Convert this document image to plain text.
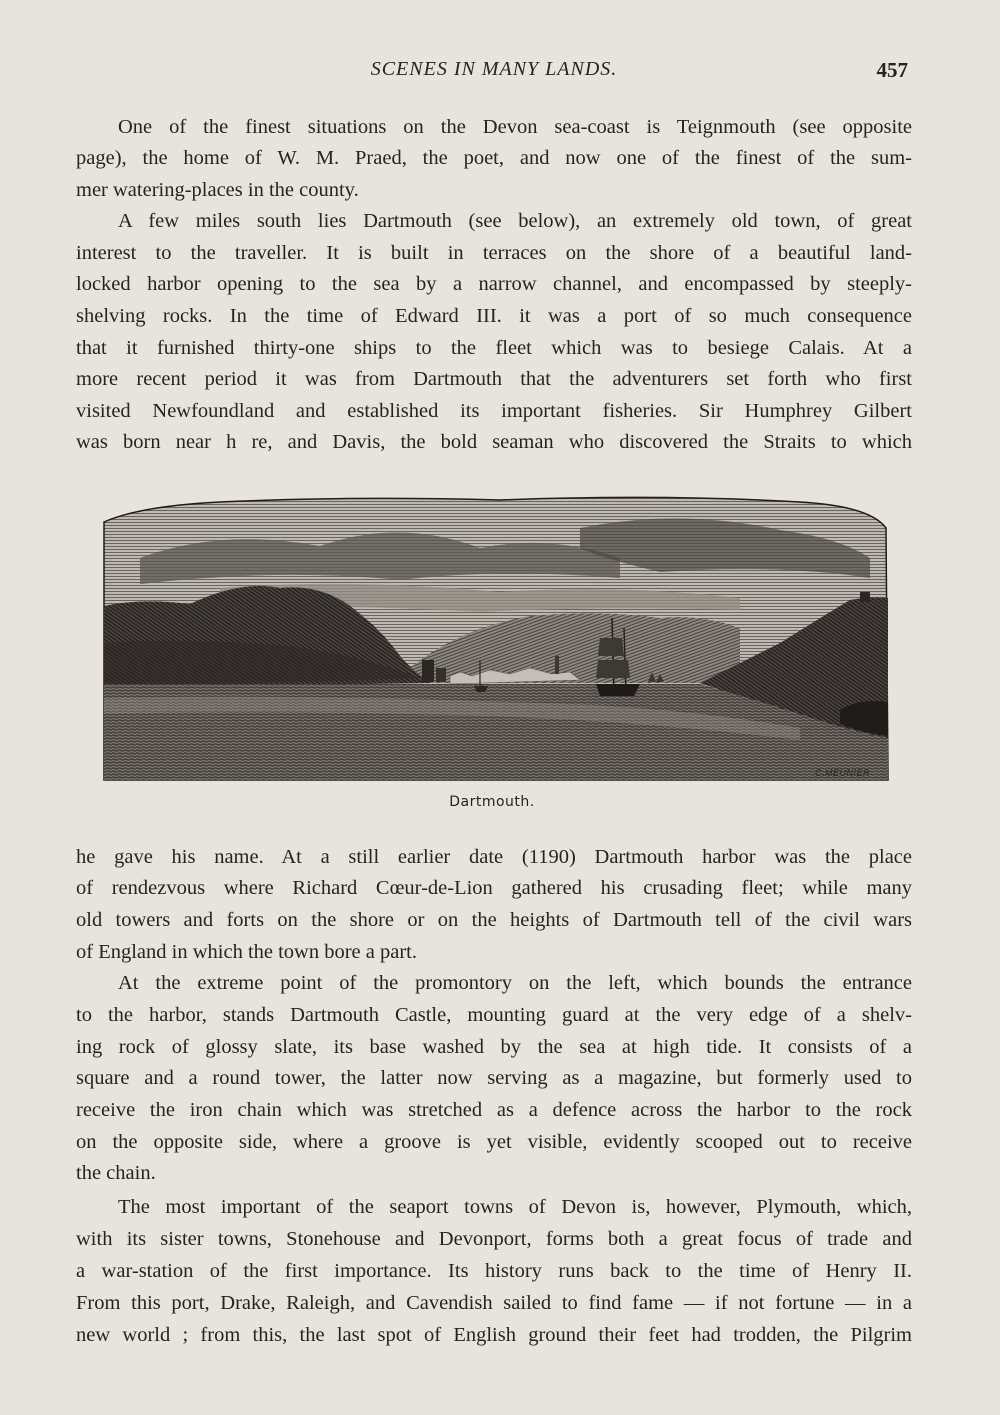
SCENES IN MANY LANDS.	457
One of the finest situations on the Devon sea-coast is Teignmouth (see opposite
page), the home of W. M. Praed, the poet, and now one of the finest of the sum-
mer watering-places in the county.
A few miles south lies Dartmouth (see below), an extremely old town, of great
interest to the traveller. It is built in terraces on the shore of a beautiful land-
locked harbor opening to the sea by a narrow channel, and encompassed by steeply-
shelving rocks. In the time of Edward III. it was a port of so much consequence
that it furnished thirty-one ships to the fleet which was to besiege Calais. At a
more recent period it was from Dartmouth that the adventurers set forth who first
visited Newfoundland and established its important fisheries. Sir Humphrey Gilbert
was born near h re, and Davis, the bold seaman who discovered the Straits to which
C.MEUNIER
Dartmouth.
he gave his name. At a still earlier date (1190) Dartmouth harbor was the place
of rendezvous where Richard Cœur-de-Lion gathered his crusading fleet; while many
old towers and forts on the shore or on the heights of Dartmouth tell of the civil wars
of England in which the town bore a part.
At the extreme point of the promontory on the left, which bounds the entrance
to the harbor, stands Dartmouth Castle, mounting guard at the very edge of a shelv-
ing rock of glossy slate, its base washed by the sea at high tide. It consists of a
square and a round tower, the latter now serving as a magazine, but formerly used to
receive the iron chain which was stretched as a defence across the harbor to the rock
on the opposite side, where a groove is yet visible, evidently scooped out to receive
the chain.
The most important of the seaport towns of Devon is, however, Plymouth, which,
with its sister towns, Stonehouse and Devonport, forms both a great focus of trade and
a war-station of the first importance. Its history runs back to the time of Henry II.
From this port, Drake, Raleigh, and Cavendish sailed to find fame — if not fortune — in a
new world ; from this, the last spot of English ground their feet had trodden, the Pilgrim
